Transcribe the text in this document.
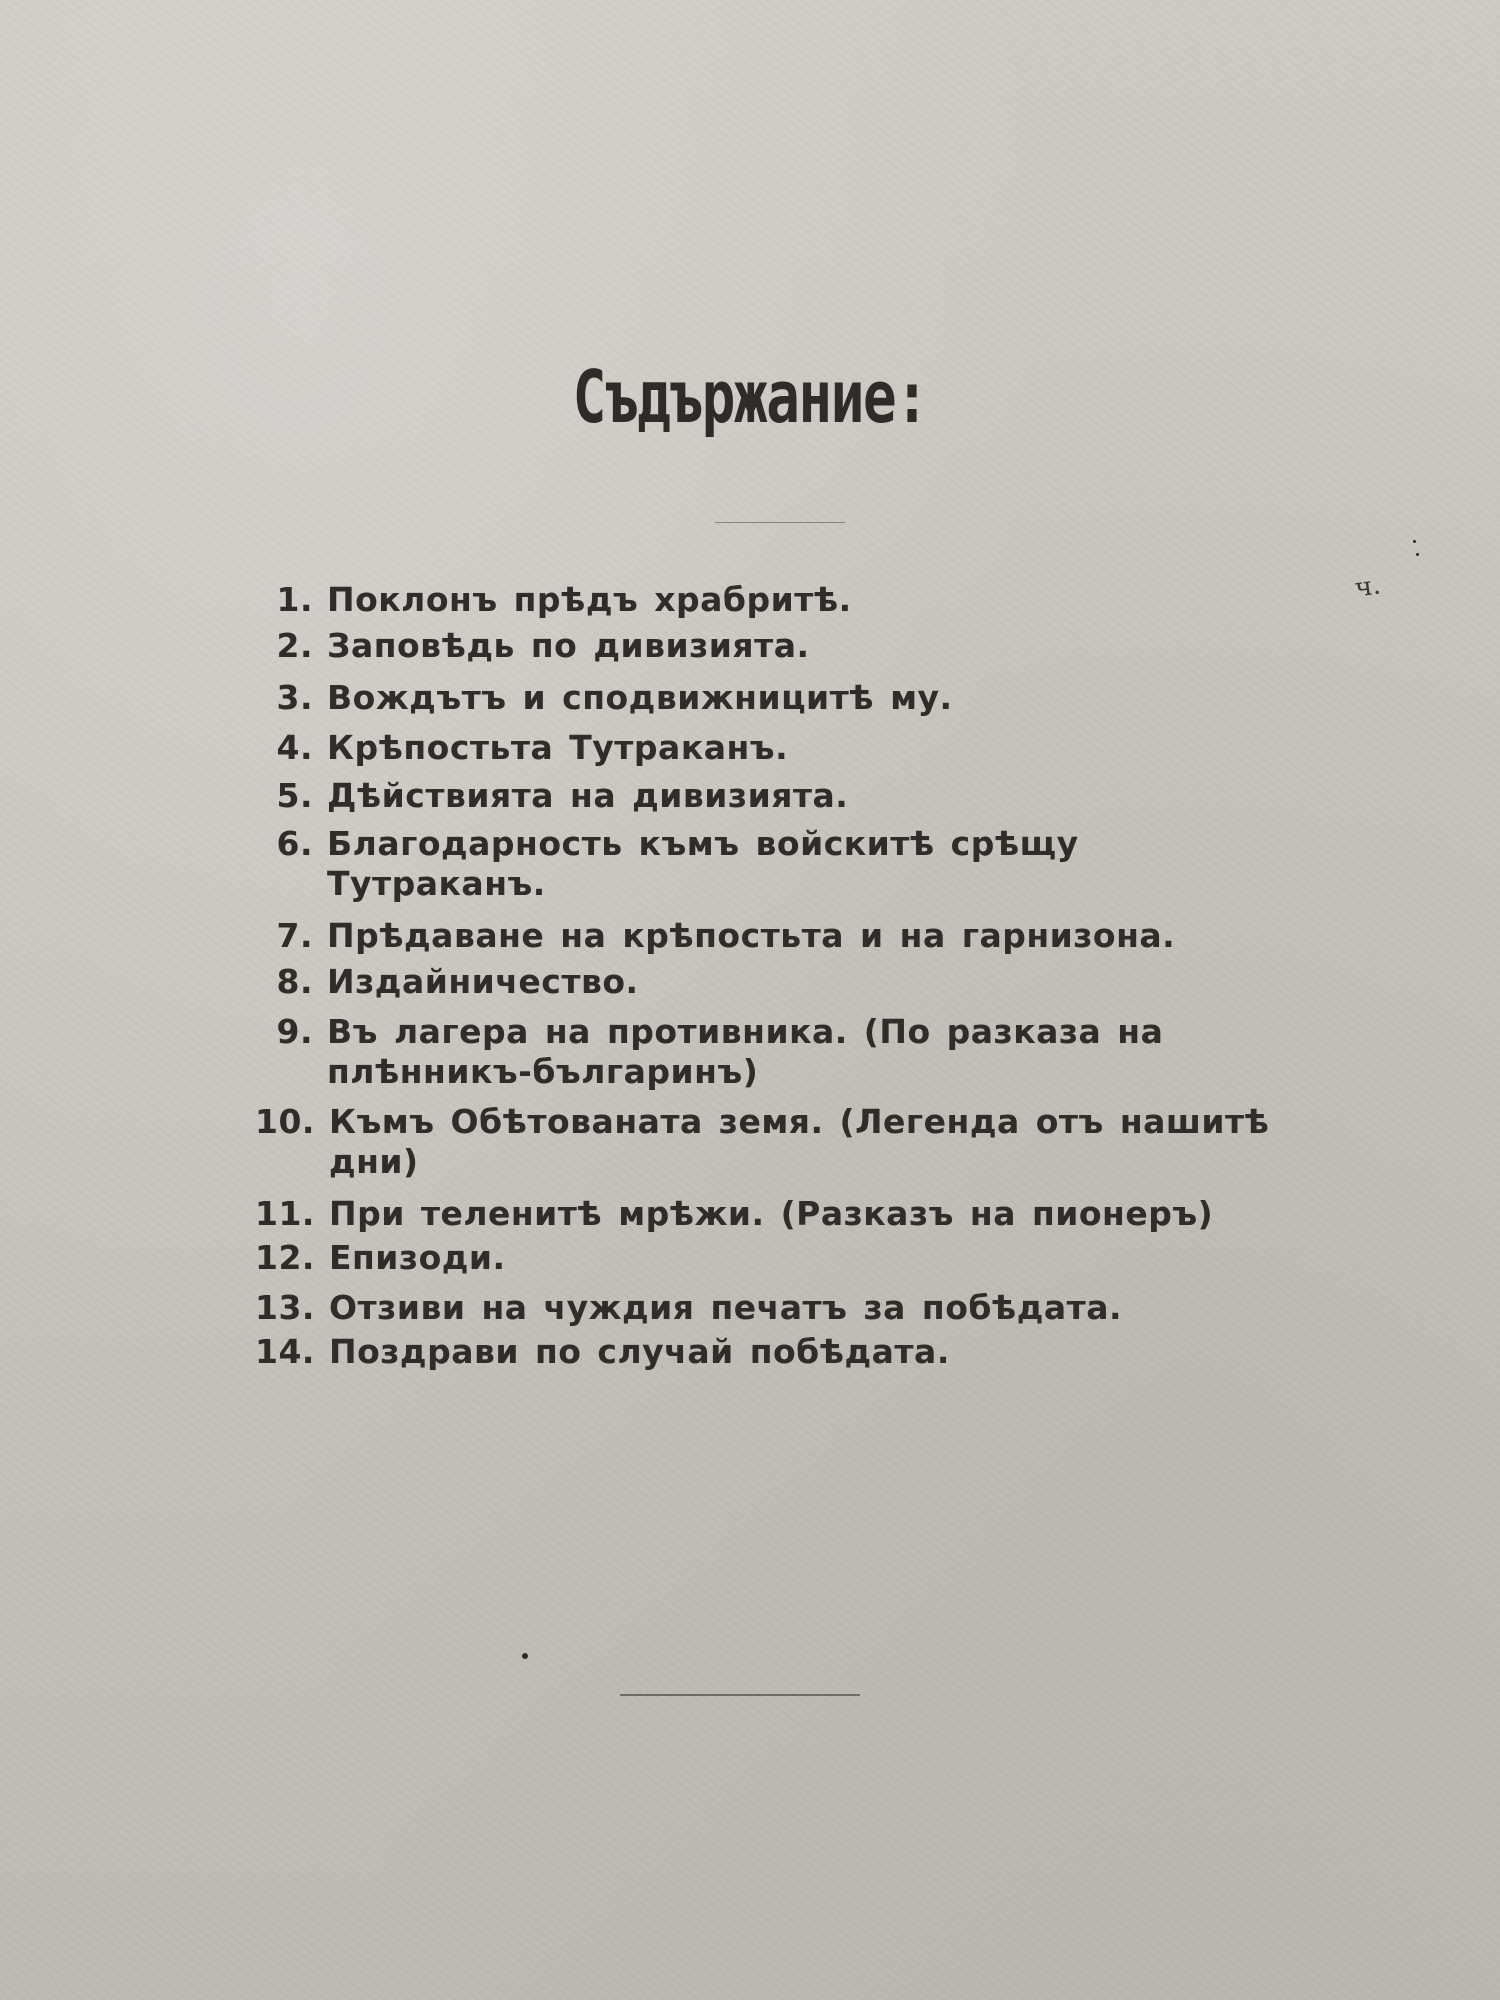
Съдържание:
ч.
1. Поклонъ прѣдъ храбритѣ.
2. Заповѣдь по дивизията.
3. Вождътъ и сподвижницитѣ му.
4. Крѣпостьта Тутраканъ.
5. Дѣйствията на дивизията.
6. Благодарность къмъ войскитѣ срѣщу Тутраканъ.
7. Прѣдаване на крѣпостьта и на гарнизона.
8. Издайничество.
9. Въ лагера на противника. (По разказа на плѣнникъ-българинъ)
10. Къмъ Обѣтованата земя. (Легенда отъ нашитѣ дни)
11. При теленитѣ мрѣжи. (Разказъ на пионеръ)
12. Епизоди.
13. Отзиви на чуждия печатъ за побѣдата.
14. Поздрави по случай побѣдата.
